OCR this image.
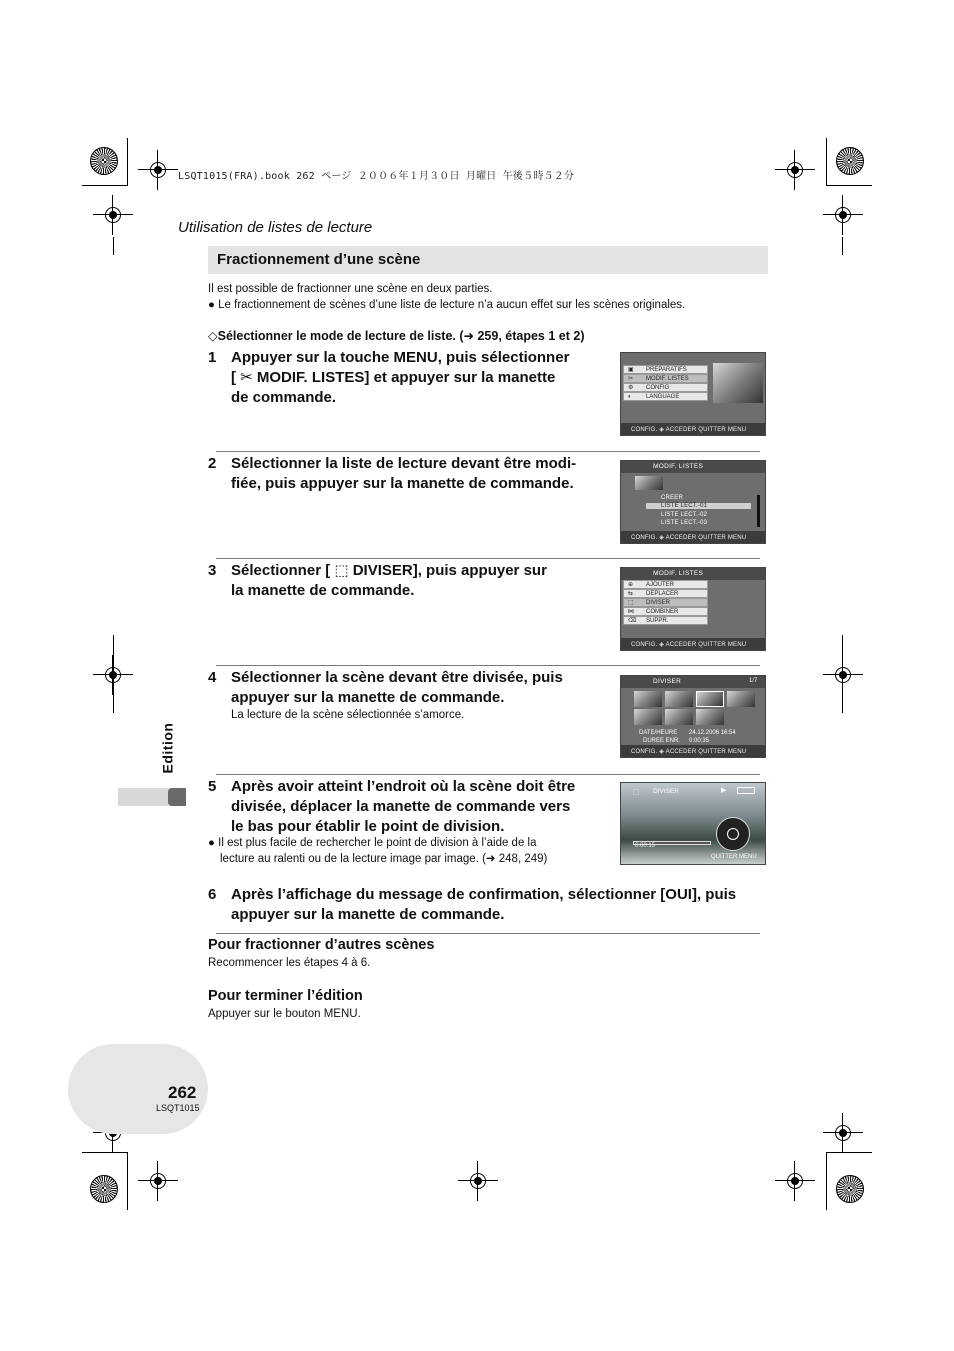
LSQT1015(FRA).book 262 ページ ２００６年１月３０日 月曜日 午後５時５２分
Utilisation de listes de lecture
Fractionnement d’une scène
Il est possible de fractionner une scène en deux parties.
● Le fractionnement de scènes d’une liste de lecture n’a aucun effet sur les scènes originales.
◇Sélectionner le mode de lecture de liste. (➜ 259, étapes 1 et 2)
1 Appuyer sur la touche MENU, puis sélectionner
[ ✂ MODIF. LISTES] et appuyer sur la manette
de commande.
▣ PREPARATIFS
✂ MODIF. LISTES
⚙ CONFIG
◐ LANGUAGE
CONFIG. ◈ ACCEDER QUITTER MENU
2 Sélectionner la liste de lecture devant être modi-
fiée, puis appuyer sur la manette de commande.
MODIF. LISTES
CREER
LISTE LECT.-01
LISTE LECT.-02
LISTE LECT.-03
CONFIG. ◈ ACCEDER QUITTER MENU
3 Sélectionner [ ⬚ DIVISER], puis appuyer sur
la manette de commande.
MODIF. LISTES
⊕ AJOUTER
⇆ DEPLACER
⬚ DIVISER
⋈ COMBINER
⌫ SUPPR.
CONFIG. ◈ ACCEDER QUITTER MENU
4 Sélectionner la scène devant être divisée, puis
appuyer sur la manette de commande.
La lecture de la scène sélectionnée s’amorce.
DIVISER	1/7
DATE/HEURE 24.12.2006 16:54
DUREE ENR. 0:00:35
CONFIG. ◈ ACCEDER QUITTER MENU
5 Après avoir atteint l’endroit où la scène doit être
divisée, déplacer la manette de commande vers
le bas pour établir le point de division.
● Il est plus facile de rechercher le point de division à l’aide de la
lecture au ralenti ou de la lecture image par image. (➜ 248, 249)
⬚ DIVISER	▶
0:00:15
QUITTER MENU
6 Après l’affichage du message de confirmation, sélectionner [OUI], puis
appuyer sur la manette de commande.
Edition
Pour fractionner d’autres scènes
Recommencer les étapes 4 à 6.
Pour terminer l’édition
Appuyer sur le bouton MENU.
262
LSQT1015
